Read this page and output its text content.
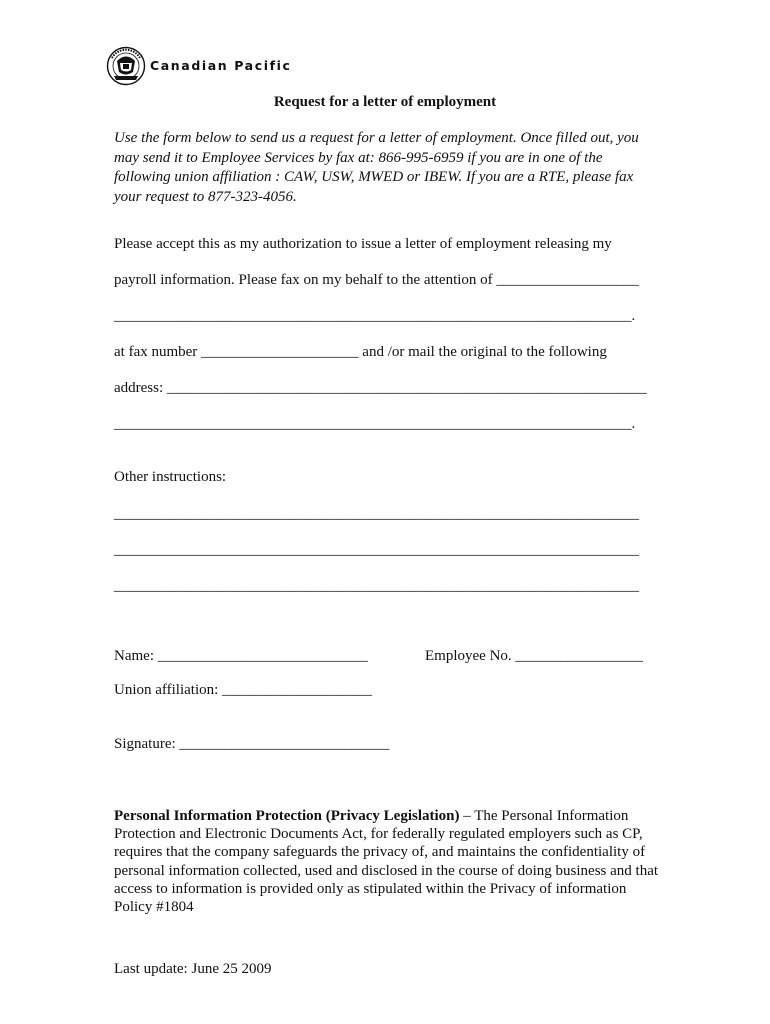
Canadian Pacific
Request for a letter of employment
Use the form below to send us a request for a letter of employment. Once filled out, you may send it to Employee Services by fax at: 866-995-6959 if you are in one of the following union affiliation : CAW, USW, MWED or IBEW. If you are a RTE, please fax your request to 877-323-4056.
Please accept this as my authorization to issue a letter of employment releasing my
payroll information. Please fax on my behalf to the attention of ___________________
_____________________________________________________________________.
at fax number _____________________ and /or mail the original to the following
address: ________________________________________________________________
_____________________________________________________________________.
Other instructions:
______________________________________________________________________
______________________________________________________________________
______________________________________________________________________
Name: ____________________________	Employee No. _________________
Union affiliation: ____________________
Signature: ____________________________
Personal Information Protection (Privacy Legislation) – The Personal Information Protection and Electronic Documents Act, for federally regulated employers such as CP, requires that the company safeguards the privacy of, and maintains the confidentiality of personal information collected, used and disclosed in the course of doing business and that access to information is provided only as stipulated within the Privacy of information Policy #1804
Last update: June 25 2009
